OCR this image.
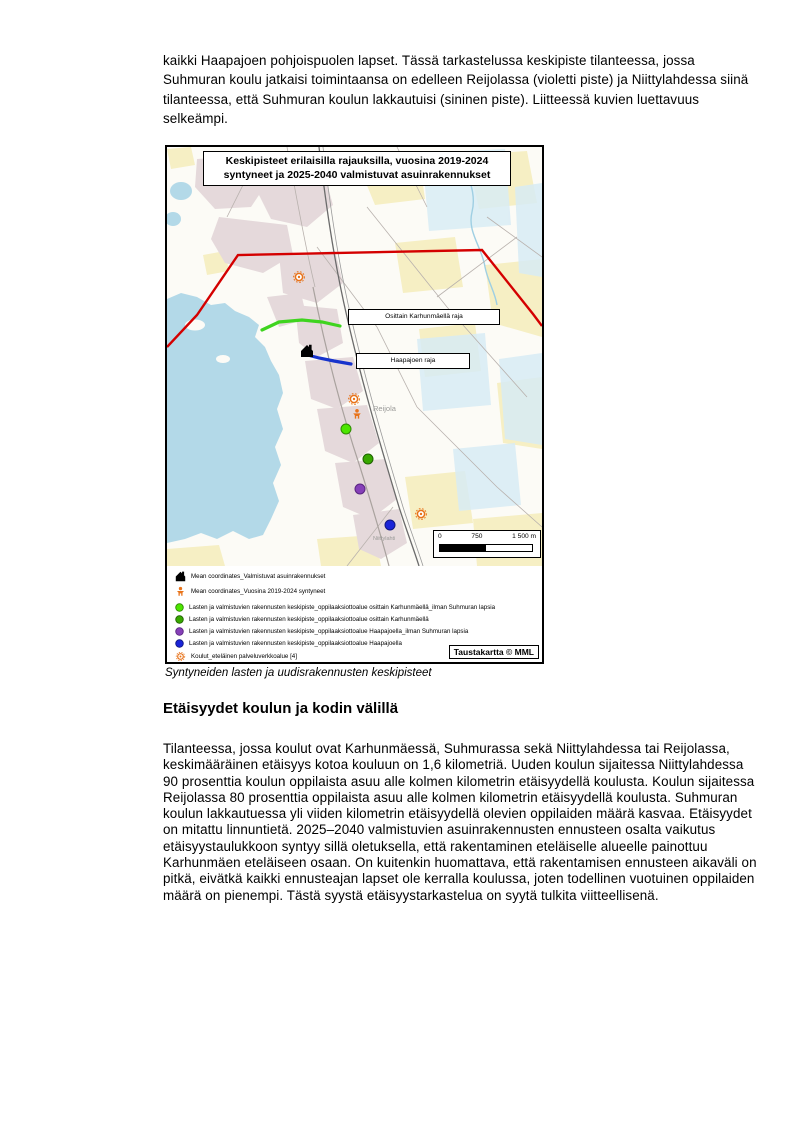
kaikki Haapajoen pohjoispuolen lapset. Tässä tarkastelussa keskipiste tilanteessa, jossa Suhmuran koulu jatkaisi toimintaansa on edelleen Reijolassa (violetti piste) ja Niittylahdessa siinä tilanteessa, että Suhmuran koulun lakkautuisi (sininen piste). Liitteessä kuvien luettavuus selkeämpi.
Keskipisteet erilaisilla rajauksilla, vuosina 2019-2024
syntyneet ja 2025-2040 valmistuvat asuinrakennukset
Osittain Karhunmäellä raja
Haapajoen raja
Reijola
Niittylahti	0	750	1 500 m
Mean coordinates_Valmistuvat asuinrakennukset
Mean coordinates_Vuosina 2019-2024 syntyneet
Lasten ja valmistuvien rakennusten keskipiste_oppilaaksiottoalue osittain Karhunmäellä_ilman Suhmuran lapsia
Lasten ja valmistuvien rakennusten keskipiste_oppilaaksiottoalue osittain Karhunmäellä
Lasten ja valmistuvien rakennusten keskipiste_oppilaaksiottoalue Haapajoella_ilman Suhmuran lapsia
Lasten ja valmistuvien rakennusten keskipiste_oppilaaksiottoalue Haapajoella
Koulut_eteläinen palveluverkkoalue [4]	Taustakartta © MML
Syntyneiden lasten ja uudisrakennusten keskipisteet
Etäisyydet koulun ja kodin välillä
Tilanteessa, jossa koulut ovat Karhunmäessä, Suhmurassa sekä Niittylahdessa tai Reijolassa, keskimääräinen etäisyys kotoa kouluun on 1,6 kilometriä. Uuden koulun sijaitessa Niittylahdessa 90 prosenttia koulun oppilaista asuu alle kolmen kilometrin etäisyydellä koulusta. Koulun sijaitessa Reijolassa 80 prosenttia oppilaista asuu alle kolmen kilometrin etäisyydellä koulusta. Suhmuran koulun lakkautuessa yli viiden kilometrin etäisyydellä olevien oppilaiden määrä kasvaa. Etäisyydet on mitattu linnuntietä. 2025–2040 valmistuvien asuinrakennusten ennusteen osalta vaikutus etäisyystaulukkoon syntyy sillä oletuksella, että rakentaminen eteläiselle alueelle painottuu Karhunmäen eteläiseen osaan. On kuitenkin huomattava, että rakentamisen ennusteen aikaväli on pitkä, eivätkä kaikki ennusteajan lapset ole kerralla koulussa, joten todellinen vuotuinen oppilaiden määrä on pienempi. Tästä syystä etäisyystarkastelua on syytä tulkita viitteellisenä.
